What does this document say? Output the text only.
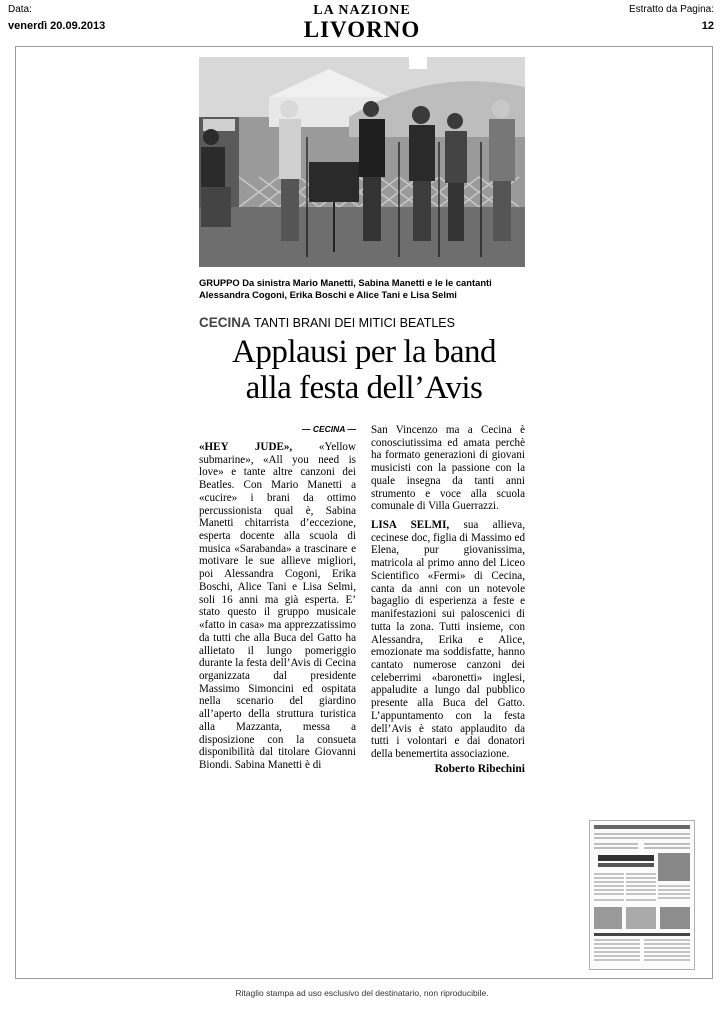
Data:
venerdì 20.09.2013
LA NAZIONE
LIVORNO
Estratto da Pagina:
12
GRUPPO Da sinistra Mario Manetti, Sabina Manetti e le le cantanti Alessandra Cogoni, Erika Boschi e Alice Tani e Lisa Selmi
CECINA TANTI BRANI DEI MITICI BEATLES
Applausi per la band
alla festa dell’Avis
— CECINA —

«HEY JUDE», «Yellow submarine», «All you need is love» e tante altre canzoni dei Beatles. Con Mario Manetti a «cucire» i brani da ottimo percussionista qual è, Sabina Manetti chitarrista d’eccezione, esperta docente alla scuola di musica «Sarabanda» a trascinare e motivare le sue allieve migliori, poi Alessandra Cogoni, Erika Boschi, Alice Tani e Lisa Selmi, soli 16 anni ma già esperta. E’ stato questo il gruppo musicale «fatto in casa» ma apprezzatissimo da tutti che alla Buca del Gatto ha allietato il lungo pomeriggio durante la festa dell’Avis di Cecina organizzata dal presidente Massimo Simoncini ed ospitata nella scenario del giardino all’aperto della struttura turistica alla Mazzanta, messa a disposizione con la consueta disponibilità dal titolare Giovanni Biondi. Sabina Manetti è di

San Vincenzo ma a Cecina è conosciutissima ed amata perchè ha formato generazioni di giovani musicisti con la passione con la quale insegna da tanti anni strumento e voce alla scuola comunale di Villa Guerrazzi.

LISA SELMI, sua allieva, cecinese doc, figlia di Massimo ed Elena, pur giovanissima, matricola al primo anno del Liceo Scientifico «Fermi» di Cecina, canta da anni con un notevole bagaglio di esperienza a feste e manifestazioni sui paloscenici di tutta la zona. Tutti insieme, con Alessandra, Erika e Alice, emozionate ma soddisfatte, hanno cantato numerose canzoni dei celeberrimi «baronetti» inglesi, appaludite a lungo dal pubblico presente alla Buca del Gatto. L’appuntamento con la festa dell’Avis è stato applaudito da tutti i volontari e dai donatori della benemertita associazione.

Roberto Ribechini
Ritaglio stampa ad uso esclusivo del destinatario, non riproducibile.
